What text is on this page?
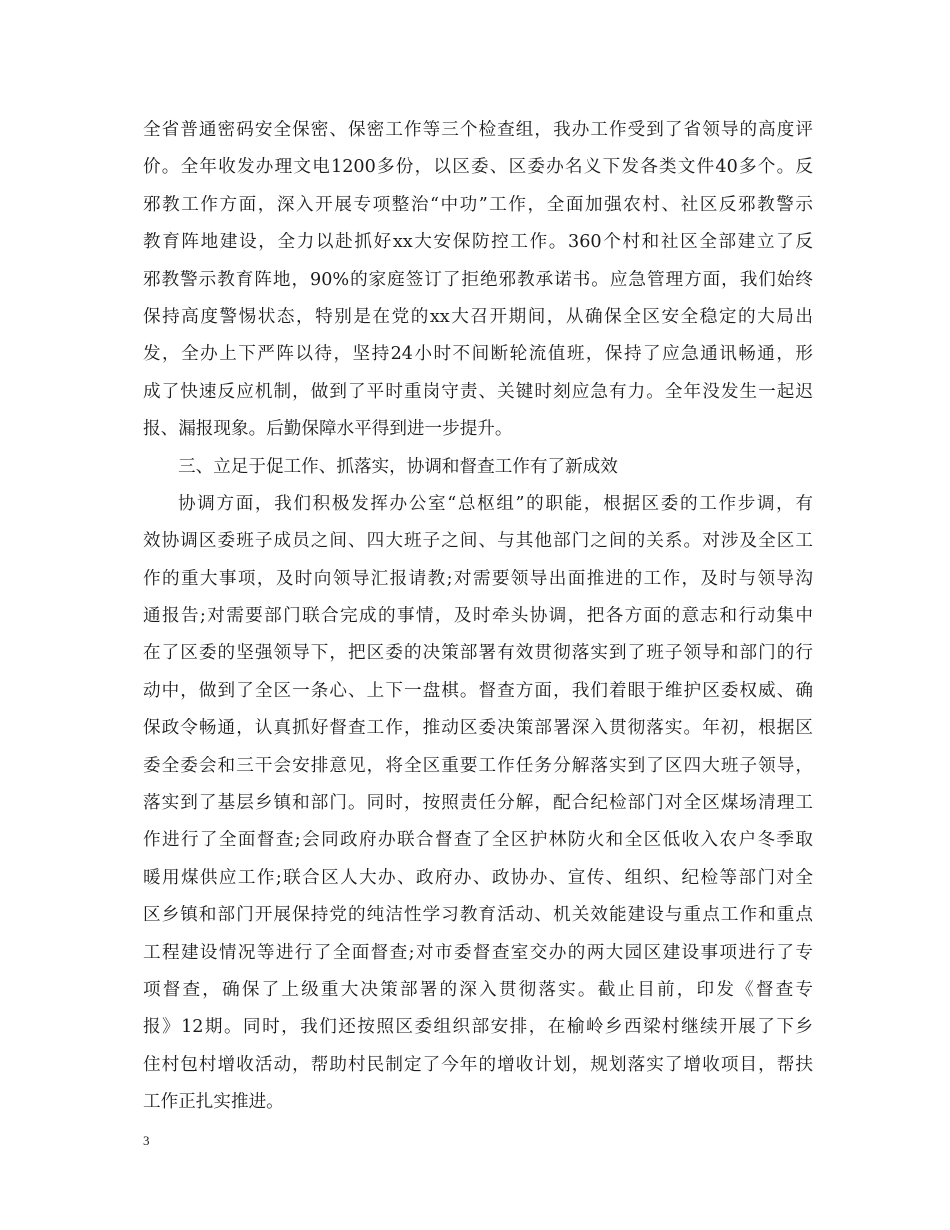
全省普通密码安全保密、保密工作等三个检查组，我办工作受到了省领导的高度评
价。全年收发办理文电1200多份，以区委、区委办名义下发各类文件40多个。反
邪教工作方面，深入开展专项整治“中功”工作，全面加强农村、社区反邪教警示
教育阵地建设，全力以赴抓好xx大安保防控工作。360个村和社区全部建立了反
邪教警示教育阵地，90%的家庭签订了拒绝邪教承诺书。应急管理方面，我们始终
保持高度警惕状态，特别是在党的xx大召开期间，从确保全区安全稳定的大局出
发，全办上下严阵以待，坚持24小时不间断轮流值班，保持了应急通讯畅通，形
成了快速反应机制，做到了平时重岗守责、关键时刻应急有力。全年没发生一起迟
报、漏报现象。后勤保障水平得到进一步提升。
三、立足于促工作、抓落实，协调和督查工作有了新成效
协调方面，我们积极发挥办公室“总枢组”的职能，根据区委的工作步调，有
效协调区委班子成员之间、四大班子之间、与其他部门之间的关系。对涉及全区工
作的重大事项，及时向领导汇报请教;对需要领导出面推进的工作，及时与领导沟
通报告;对需要部门联合完成的事情，及时牵头协调，把各方面的意志和行动集中
在了区委的坚强领导下，把区委的决策部署有效贯彻落实到了班子领导和部门的行
动中，做到了全区一条心、上下一盘棋。督查方面，我们着眼于维护区委权威、确
保政令畅通，认真抓好督查工作，推动区委决策部署深入贯彻落实。年初，根据区
委全委会和三干会安排意见，将全区重要工作任务分解落实到了区四大班子领导，
落实到了基层乡镇和部门。同时，按照责任分解，配合纪检部门对全区煤场清理工
作进行了全面督查;会同政府办联合督查了全区护林防火和全区低收入农户冬季取
暖用煤供应工作;联合区人大办、政府办、政协办、宣传、组织、纪检等部门对全
区乡镇和部门开展保持党的纯洁性学习教育活动、机关效能建设与重点工作和重点
工程建设情况等进行了全面督查;对市委督查室交办的两大园区建设事项进行了专
项督查，确保了上级重大决策部署的深入贯彻落实。截止目前，印发《督查专
报》12期。同时，我们还按照区委组织部安排，在榆岭乡西梁村继续开展了下乡
住村包村增收活动，帮助村民制定了今年的增收计划，规划落实了增收项目，帮扶
工作正扎实推进。
3
